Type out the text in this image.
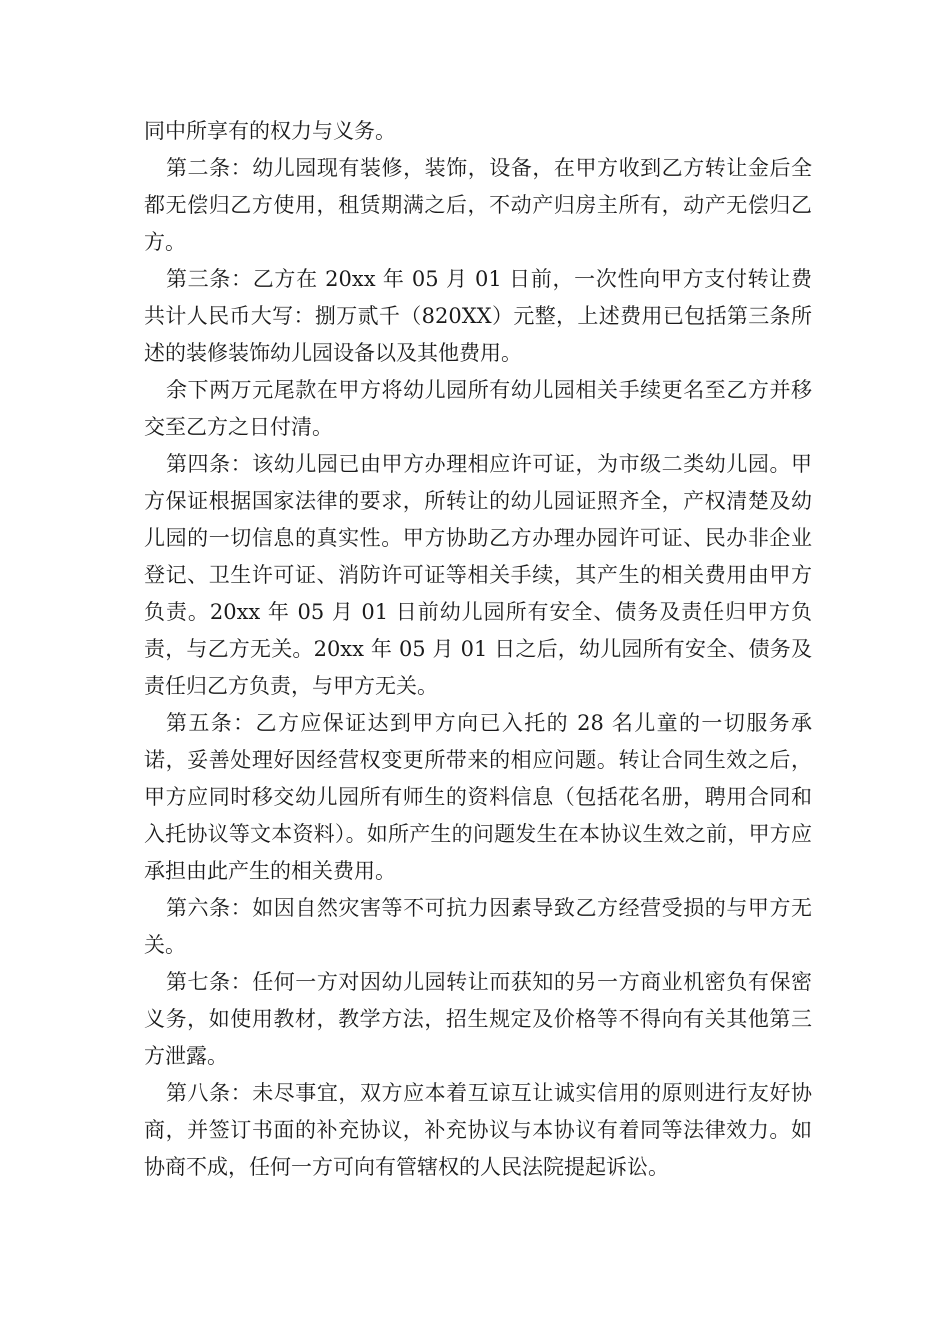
同中所享有的权力与义务。

第二条：幼儿园现有装修，装饰，设备，在甲方收到乙方转让金后全都无偿归乙方使用，租赁期满之后，不动产归房主所有，动产无偿归乙方。

第三条：乙方在 20xx 年 05 月 01 日前，一次性向甲方支付转让费共计人民币大写：捌万贰千（820XX）元整，上述费用已包括第三条所述的装修装饰幼儿园设备以及其他费用。

余下两万元尾款在甲方将幼儿园所有幼儿园相关手续更名至乙方并移交至乙方之日付清。

第四条：该幼儿园已由甲方办理相应许可证，为市级二类幼儿园。甲方保证根据国家法律的要求，所转让的幼儿园证照齐全，产权清楚及幼儿园的一切信息的真实性。甲方协助乙方办理办园许可证、民办非企业登记、卫生许可证、消防许可证等相关手续，其产生的相关费用由甲方负责。20xx 年 05 月 01 日前幼儿园所有安全、债务及责任归甲方负责，与乙方无关。20xx 年 05 月 01 日之后，幼儿园所有安全、债务及责任归乙方负责，与甲方无关。

第五条：乙方应保证达到甲方向已入托的 28 名儿童的一切服务承诺，妥善处理好因经营权变更所带来的相应问题。转让合同生效之后，甲方应同时移交幼儿园所有师生的资料信息（包括花名册，聘用合同和入托协议等文本资料）。如所产生的问题发生在本协议生效之前，甲方应承担由此产生的相关费用。

第六条：如因自然灾害等不可抗力因素导致乙方经营受损的与甲方无关。

第七条：任何一方对因幼儿园转让而获知的另一方商业机密负有保密义务，如使用教材，教学方法，招生规定及价格等不得向有关其他第三方泄露。

第八条：未尽事宜，双方应本着互谅互让诚实信用的原则进行友好协商，并签订书面的补充协议，补充协议与本协议有着同等法律效力。如协商不成，任何一方可向有管辖权的人民法院提起诉讼。
